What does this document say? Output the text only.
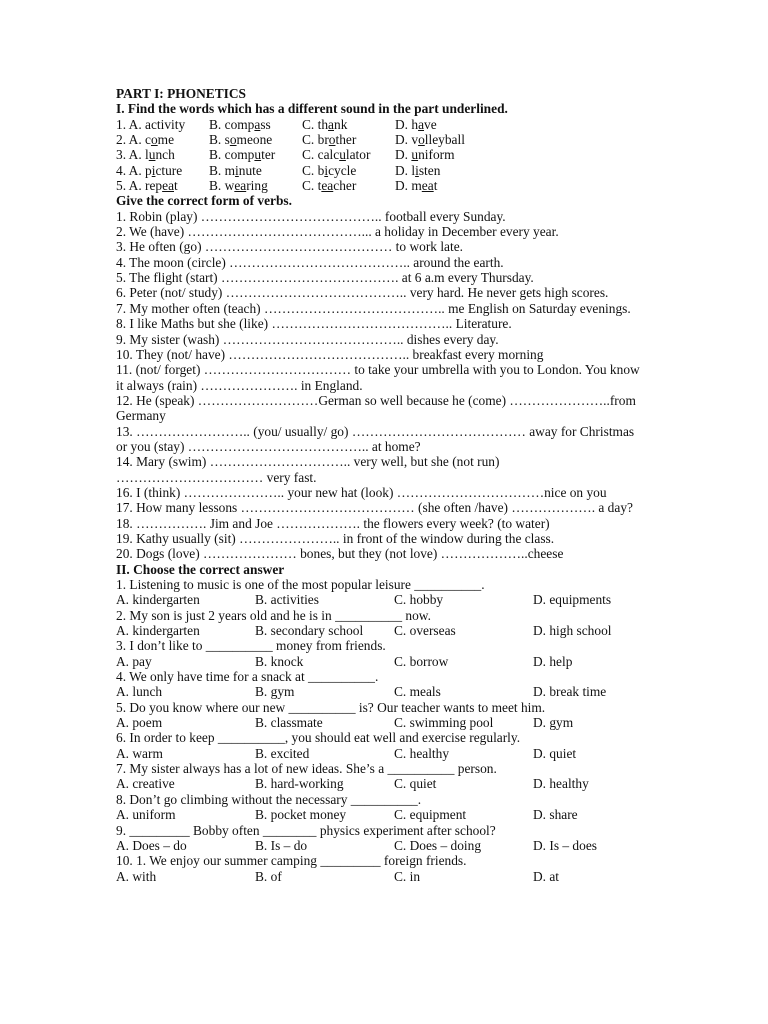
PART I: PHONETICS
I. Find the words which has a different sound in the part underlined.
1. A. activity	B. compass	C. thank	D. have
2. A. come	B. someone	C. brother	D. volleyball
3. A. lunch	B. computer	C. calculator	D. uniform
4. A. picture	B. minute	C. bicycle	D. listen
5. A. repeat	B. wearing	C. teacher	D. meat
Give the correct form of verbs.
1. Robin (play) ………………………………….. football every Sunday.
2. We (have) …………………………………... a holiday in December every year.
3. He often (go) …………………………………… to work late.
4. The moon (circle) ………………………………….. around the earth.
5. The flight (start) …………………………………. at 6 a.m every Thursday.
6. Peter (not/ study) ………………………………….. very hard. He never gets high scores.
7. My mother often (teach) ………………………………….. me English on Saturday evenings.
8. I like Maths but she (like) ………………………………….. Literature.
9. My sister (wash) ………………………………….. dishes every day.
10. They (not/ have) ………………………………….. breakfast every morning
11. (not/ forget) …………………………… to take your umbrella with you to London. You know it always (rain) …………………. in England.
12. He (speak) ………………………German so well because he (come) …………………..from Germany
13. …………………….. (you/ usually/ go) ………………………………… away for Christmas or you (stay) ………………………………….. at home?
14. Mary (swim) ………………………….. very well, but she (not run) …………………………… very fast.
16. I (think) ………………….. your new hat (look) ……………………………nice on you
17. How many lessons ………………………………… (she often /have) ………………. a day?
18. ……………. Jim and Joe ………………. the flowers every week? (to water)
19. Kathy usually (sit) ………………….. in front of the window during the class.
20. Dogs (love) ………………… bones, but they (not love) ………………..cheese
II. Choose the correct answer
1. Listening to music is one of the most popular leisure __________.
A. kindergarten	B. activities	C. hobby	D. equipments
2. My son is just 2 years old and he is in __________ now.
A. kindergarten	B. secondary school	C. overseas	D. high school
3. I don’t like to __________ money from friends.
A. pay	B. knock	C. borrow	D. help
4. We only have time for a snack at __________.
A. lunch	B. gym	C. meals	D. break time
5. Do you know where our new __________ is? Our teacher wants to meet him.
A. poem	B. classmate	C. swimming pool	D. gym
6. In order to keep __________, you should eat well and exercise regularly.
A. warm	B. excited	C. healthy	D. quiet
7. My sister always has a lot of new ideas. She’s a __________ person.
A. creative	B. hard-working	C. quiet	D. healthy
8. Don’t go climbing without the necessary __________.
A. uniform	B. pocket money	C. equipment	D. share
9. _________ Bobby often ________ physics experiment after school?
A. Does – do	B. Is – do	C. Does – doing	D. Is – does
10. 1. We enjoy our summer camping _________ foreign friends.
A. with	B. of	C. in	D. at
